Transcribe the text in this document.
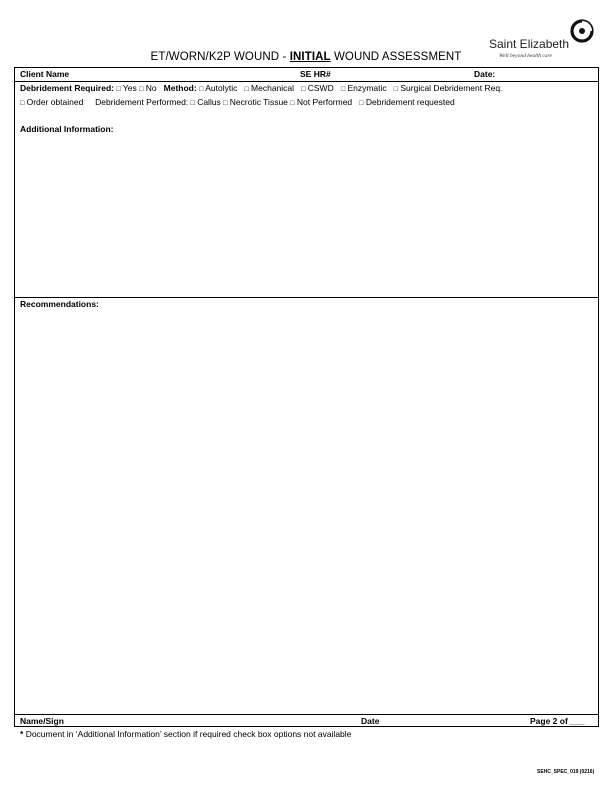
ET/WORN/K2P WOUND - INITIAL WOUND ASSESSMENT
Saint Elizabeth
Well beyond health care
Client Name	SE HR#	Date:
Debridement Required: □ Yes □ No Method: □ Autolytic □ Mechanical □ CSWD □ Enzymatic □ Surgical Debridement Req.
□ Order obtained Debridement Performed: □ Callus □ Necrotic Tissue □ Not Performed □ Debridement requested
Additional Information:
Recommendations:
Name/Sign	Date	Page 2 of ___
* Document in ‘Additional Information’ section if required check box options not available
SEHC_SPEC_019 (0216)
